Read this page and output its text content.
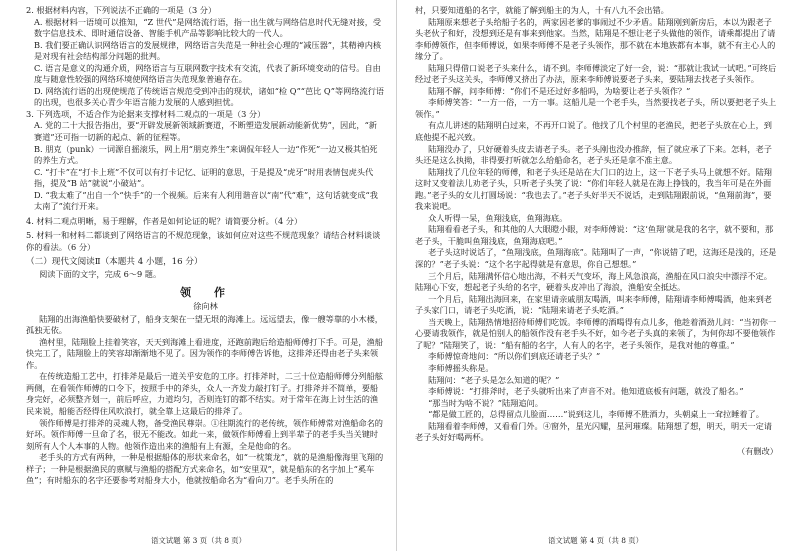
2. 根据材料内容，下列说法不正确的一项是（3 分）

A. 根据材料一语境可以推知，“Z 世代”是网络流行语，指一出生就与网络信息时代无缝对接，受数字信息技术、即时通信设备、智能手机产品等影响比较大的一代人。

B. 我们要正确认识网络语言的发展规律，网络语言失范是一种社会心理的“减压器”，其精神内核是对现有社会结构部分问题的批判。

C. 语言是意义的沟通介质，网络语言与互联网数字技术有交流，代表了新环境变动的信号。自由度与随意性较强的网络环境使网络语言失范现象普遍存在。

D. 网络流行语的出现使规范了传统语言规范受到冲击的现状，诸如“检 Q”“芭比 Q”等网络流行语的出现，也很多关心青少年语言能力发展的人感到担忧。

3. 下列选项，不适合作为论据来支撑材料二观点的一项是（3 分）

A. 党的二十大报告指出，要“开辟发展新领域新赛道，不断塑造发展新动能新优势”，因此，“新赛道”还可指一切新的起点、新的征程等。

B. 朋克（punk）一词源自摇滚乐，网上用“朋克养生”来调侃年轻人一边“作死”一边又极其怕死的养生方式。

C. “打卡”在“打卡上班”不仅可以有打卡记忆、证明的意思，于是提及“虎牙”时用表情包虎头代指，提及“B 站”就说“小破站”。

D. “我太难了”出自一个“快手”的一个视频。后来有人利用谐音以“南”代“难”，这句话就变成“我太南了”流行开来。

4. 材料二观点明晰，易于理解，作者是如何论证的呢？请简要分析。（4 分）

5. 材料一和材料二都谈到了网络语言的不规范现象，该如何应对这些不规范现象？请结合材料谈谈你的看法。（6 分）

（二）现代文阅读Ⅱ（本题共 4 小题，16 分）

阅读下面的文字，完成 6～9 题。

领　作

徐向林

陆翔的出海渔船快要破材了，船身支架在一望无垠的海滩上。远远望去，像一艘等靠的小木楼，孤独无依。

渔村里，陆翔脸上挂着笑容，天天到海滩上看进度，还跑前跑后给造船师傅打下手。可是，渔船快完工了，陆翔脸上的笑容却渐渐地不见了。因为领作的李师傅告诉他，这排斧还得由老子头来领作。

在传统造船工艺中，打排斧是最后一道关乎安危的工序。打排斧时，二三十位造船师傅分列船舷两侧，在看领作师傅的口令下，按照手中的斧头，众人一齐发力敲打钉子。打排斧并不简单，要船身完好，必须整齐划一，前后呼应，力道均匀，否则连钉的都不结实。对于常年在海上讨生活的渔民来说，船能否经得住风吹浪打，就全靠上这最后的排斧了。

领作师傅是打排斧的灵魂人物，备受渔民尊崇。①往期流行的老传统，领作师傅常对渔船命名的好坏。领作师傅一旦命了名，很无不能改。如此一来，做领作师傅看上到半辈子的老手头当关键时刻所有人个人本事的人物。他领作造出来的渔船有上有源，全是他命的名。

老手头的方式有两种，一种是根据船体的形状来命名，如“一枕策龙”，就的是渔船像海里飞翔的样子；一种是根据渔民的禀赋与渔船的搭配方式来命名，如“安里双”，就是船东的名字加上“奚车鱼”；有时船东的名字还要参考对船身大小，他就按船命名为“看向刀”。老手头所在的

语文试题 第 3 页（共 8 页）

村，只要知道船的名字，就能了解到船主的为人，十有八九不会出错。

陆翔原来想老子头给船子名的，两家因老爹的事闹过不少矛盾。陆翔刚到新房后，本以为跟老子头老伙子和好，没想到还是有事来到他家。当然，陆翔是不想让老子头做他的领作，请乘都提出了请李师傅领作，但李师傅说，如果李师傅不是老子头领作，那不就在本地族都有本事，就不有主心人的缘分了。

陆翔只得借口说老子头来什么，请不到。李师傅淡定了好一会，说：“那就让我试一试吧。”可终后经过老子头这关头，李师傅又挤出了办法，原来李师傅说要老子头来，要陆翔去找老子头领作。

陆翔不解，问李师傅：“你们不是还过好多船吗，为啥要让老子头领作？”

李师傅笑答：“一方一俗，一方一事。这船儿是一个老手头，当然要找老子头，所以要把老子头上领作。”

有点儿讲述的陆翔明白过来，不再开口说了。他找了几个村里的老渔民，把老子头放在心上，到底他提不起兴致。

陆翔没办了，只好硬着头皮去请老子头。老子头刚也没办推辞，恒了就应承了下来。怎料，老子头还是这么执拗，非得要打听就怎么给船命名，老子头还是拿不准主意。

陆翔找了几位年轻的师傅，和老子头还是站在大门口的边上，这一下老子头马上就想不好。陆翔这时又变着法儿劝老子头，只听老子头笑了说：“你们年轻人就是在海上挣钱的，我当年可是在外面跑。”老子头的女儿打圆场说：“我也去了。”老子头好半天不说话，走到陆翔跟前说，“鱼翔前海”，要我来说吧。

众人听得一呆，鱼翔浅底，鱼翔海底。

陆翔看看老子头，和其他的人大眼瞪小眼，对李师傅说：“这‘鱼翔’就是我的名字，就不要和，那老子头，干脆叫鱼翔浅底，鱼翔海底吧。”

老子头这时说话了，“鱼翔浅底，鱼翔海底”。陆翔叫了一声，“你说错了吧，这海还是浅的，还是深的？”老子头说：“这个名字起得就是有意思，你自己想想。”

三个月后，陆翔满怀信心地出海，不料天气变坏，海上风急浪高，渔船在风口浪尖中漂浮不定。陆翔心下安，想起老子头给的名字，硬着头皮冲出了海浪，渔船安全抵达。

一个月后，陆翔出海回来，在家里请亲戚朋友喝酒，叫来李师傅，陆翔请李师傅喝酒，他来到老子头家门口，请老子头吃酒，说：“陆翔来请老子头吃酒。”

当天晚上，陆翔热情地招待师傅们吃饭。李师傅的酒喝得有点儿多，他趁着酒劲儿问：“当初你一心要请我领作，就是怕别人的船领作没有老手头不好，如今老子头真的来领了，为何你却不要他领作了呢？”陆翔笑了，说：“船有船的名字，人有人的名字，老子头领作，是我对他的尊重。”

李师傅惊奇地问：“所以你们到底还请老子头？”

李师傅摇头称是。

陆翔问：“老子头是怎么知道的呢？”

李师傅说：“打排斧时，老子头就听出来了声音不对。他知道底板有问题，就没了船名。”

“那当时为啥不说？”陆翔追问。

“都是做工匠的，总得留点儿脸面……”说到这儿，李师傅不胜酒力，头朝桌上一耷拉睡着了。

陆翔看着李师傅，又看看门外。④窗外，星光闪耀，星河璀璨。陆翔想了想，明天，明天一定请老子头好好喝两杯。

（有删改）

语文试题 第 4 页（共 8 页）
